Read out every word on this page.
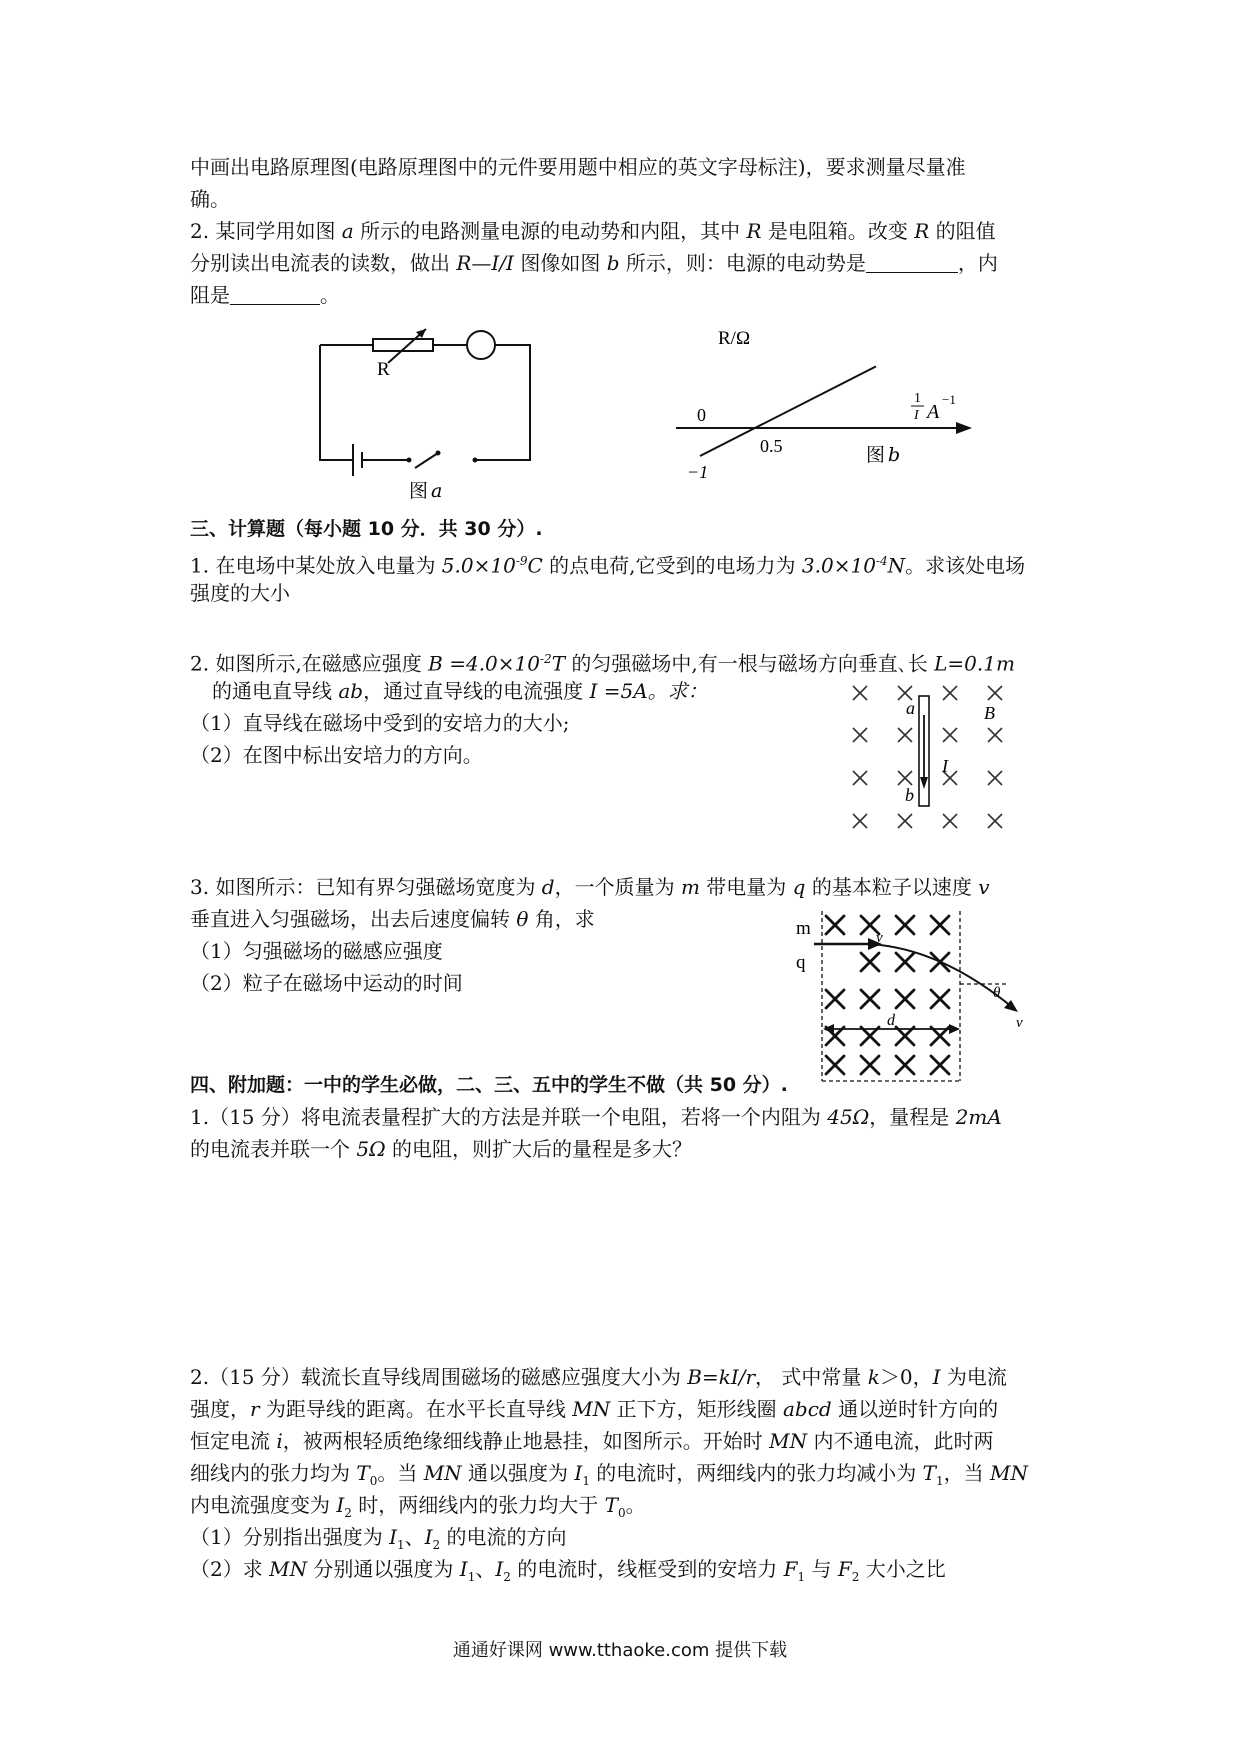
中画出电路原理图(电路原理图中的元件要用题中相应的英文字母标注)，要求测量尽量准
确。
2. 某同学用如图 a 所示的电路测量电源的电动势和内阻，其中 R 是电阻箱。改变 R 的阻值
分别读出电流表的读数，做出 R—I/I 图像如图 b 所示，则：电源的电动势是	，内
阻是	。
R
图 a
R/Ω
0
0.5
−1
1
I A
−1
图 b
三、计算题（每小题 10 分．共 30 分）.
1. 在电场中某处放入电量为 $5.0\times 10^{-9}C$ 的点电荷,它受到的电场力为 $3.0\times 10^{-4}N$。求该处电场
强度的大小
2. 如图所示,在磁感应强度 $B =4.0\times 10^{-2}T$ 的匀强磁场中,有一根与磁场方向垂直､长 L=0.1m
的通电直导线 ab，通过直导线的电流强度 I =5A。求：
（1）直导线在磁场中受到的安培力的大小;
（2）在图中标出安培力的方向。
a
b
I
B
3. 如图所示：已知有界匀强磁场宽度为 d，一个质量为 m 带电量为 q 的基本粒子以速度 v
垂直进入匀强磁场，出去后速度偏转 θ 角，求
（1）匀强磁场的磁感应强度
（2）粒子在磁场中运动的时间
m
q
v
v
θ
d
四、附加题：一中的学生必做，二、三、五中的学生不做（共 50 分）.
1.（15 分）将电流表量程扩大的方法是并联一个电阻，若将一个内阻为 45Ω，量程是 2mA
的电流表并联一个 5Ω 的电阻，则扩大后的量程是多大？
2.（15 分）载流长直导线周围磁场的磁感应强度大小为 B=kI/r， 式中常量 k＞0，I 为电流
强度，r 为距导线的距离。在水平长直导线 MN 正下方，矩形线圈 abcd 通以逆时针方向的
恒定电流 i，被两根轻质绝缘细线静止地悬挂，如图所示。开始时 MN 内不通电流，此时两
细线内的张力均为 $T_0$。当 MN 通以强度为 $I_1$ 的电流时，两细线内的张力均减小为 $T_1$，当 MN
内电流强度变为 $I_2$ 时，两细线内的张力均大于 $T_0$。
（1）分别指出强度为 $I_1$、$I_2$ 的电流的方向
（2）求 MN 分别通以强度为 $I_1$、$I_2$ 的电流时，线框受到的安培力 $F_1$ 与 $F_2$ 大小之比
通通好课网 www.tthaoke.com 提供下载
